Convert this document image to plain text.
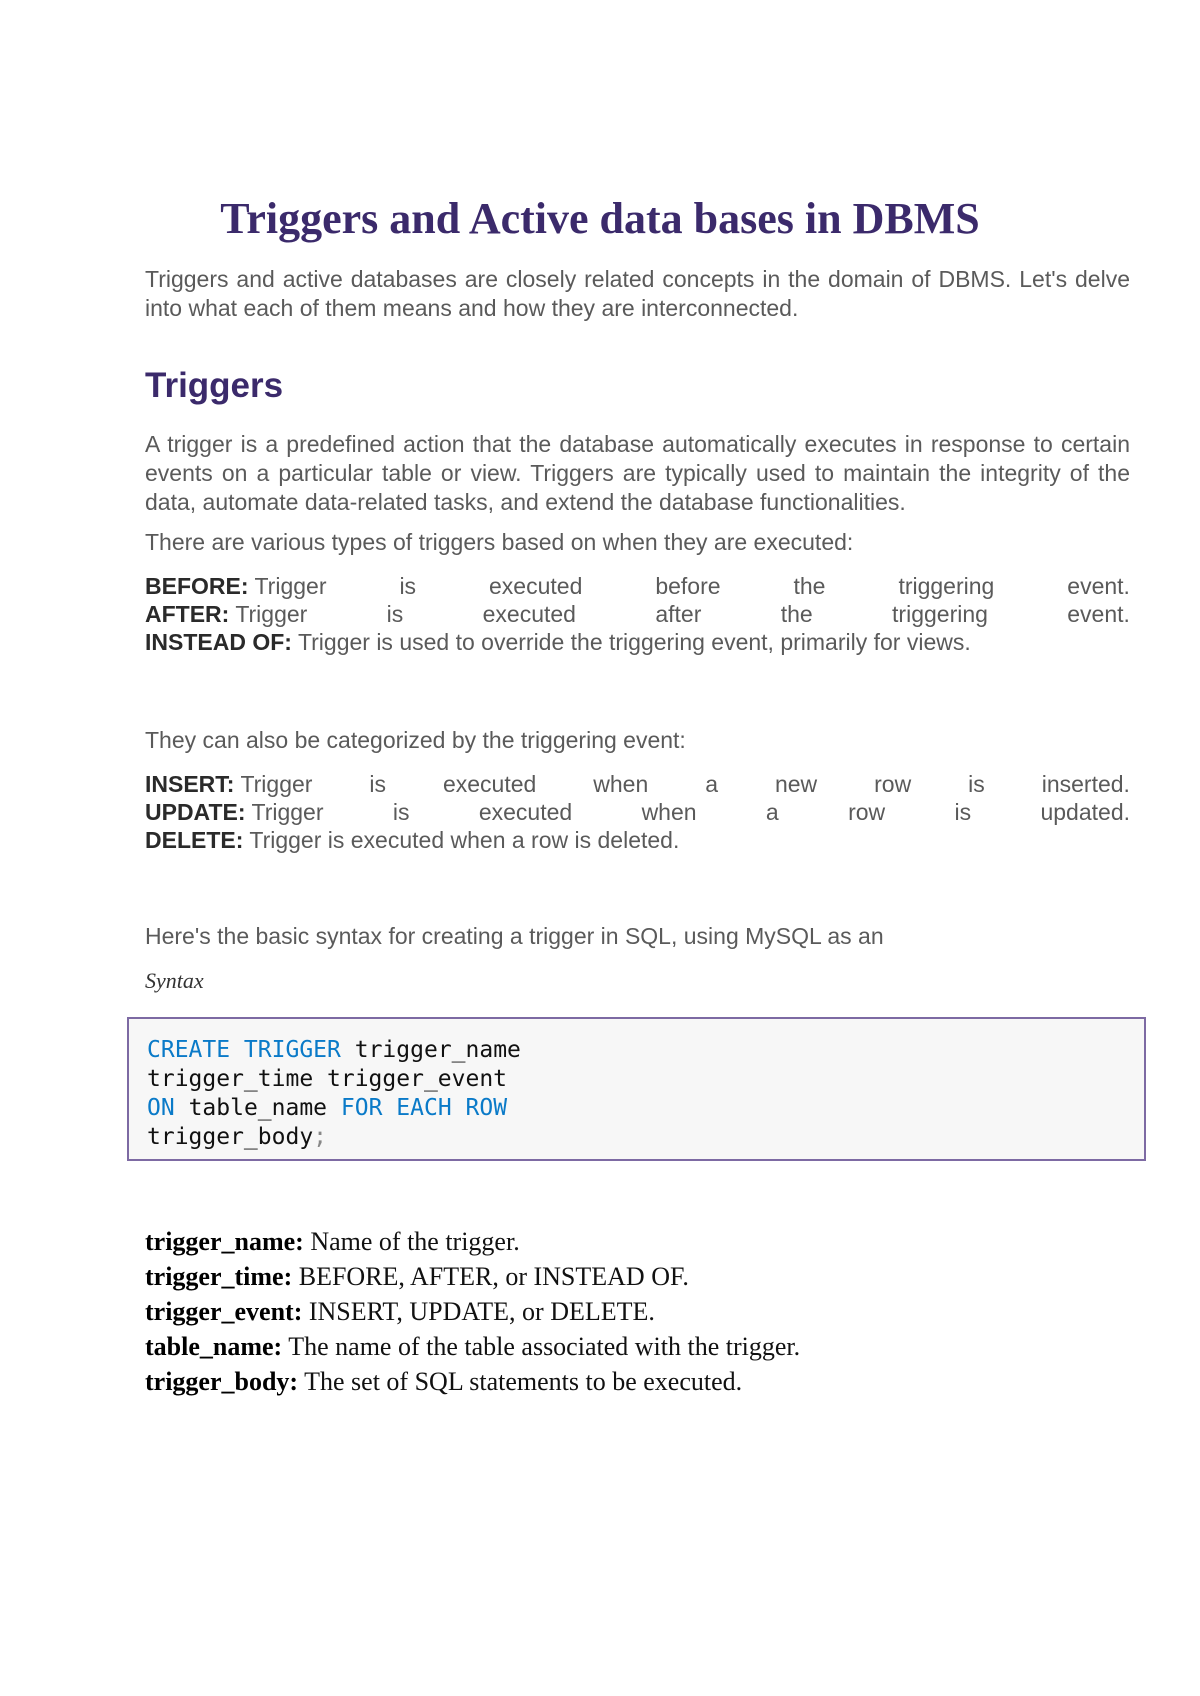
Triggers and Active data bases in DBMS

Triggers and active databases are closely related concepts in the domain of DBMS. Let's delve into what each of them means and how they are interconnected.

Triggers

A trigger is a predefined action that the database automatically executes in response to certain events on a particular table or view. Triggers are typically used to maintain the integrity of the data, automate data-related tasks, and extend the database functionalities.

There are various types of triggers based on when they are executed:

BEFORE: Trigger	is	executed	before	the	triggering	event.
AFTER: Trigger	is	executed	after	the	triggering	event.
INSTEAD OF: Trigger is used to override the triggering event, primarily for views.

They can also be categorized by the triggering event:

INSERT: Trigger is executed when a new row is inserted.
UPDATE: Trigger	is	executed	when	a	row	is	updated.
DELETE: Trigger is executed when a row is deleted.

Here's the basic syntax for creating a trigger in SQL, using MySQL as an

Syntax
CREATE TRIGGER trigger_name
trigger_time trigger_event
ON table_name FOR EACH ROW
trigger_body;
trigger_name: Name of the trigger.
trigger_time: BEFORE, AFTER, or INSTEAD OF.
trigger_event: INSERT, UPDATE, or DELETE.
table_name: The name of the table associated with the trigger.
trigger_body: The set of SQL statements to be executed.
